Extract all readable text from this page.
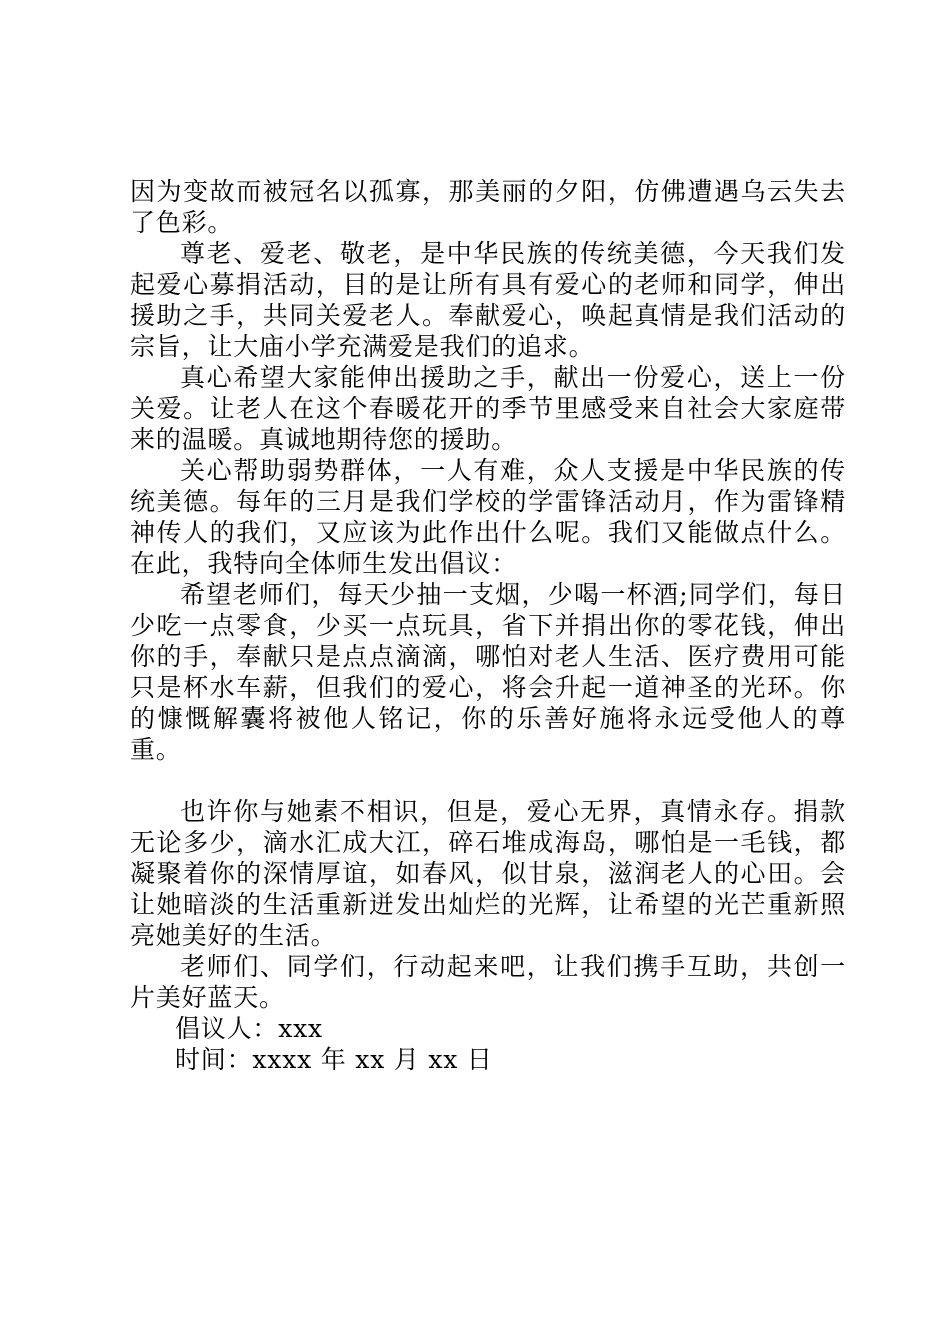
因为变故而被冠名以孤寡，那美丽的夕阳，仿佛遭遇乌云失去了色彩。

尊老、爱老、敬老，是中华民族的传统美德，今天我们发起爱心募捐活动，目的是让所有具有爱心的老师和同学，伸出援助之手，共同关爱老人。奉献爱心，唤起真情是我们活动的宗旨，让大庙小学充满爱是我们的追求。

真心希望大家能伸出援助之手，献出一份爱心，送上一份关爱。让老人在这个春暖花开的季节里感受来自社会大家庭带来的温暖。真诚地期待您的援助。

关心帮助弱势群体，一人有难，众人支援是中华民族的传统美德。每年的三月是我们学校的学雷锋活动月，作为雷锋精神传人的我们，又应该为此作出什么呢。我们又能做点什么。在此，我特向全体师生发出倡议：

希望老师们，每天少抽一支烟，少喝一杯酒;同学们，每日少吃一点零食，少买一点玩具，省下并捐出你的零花钱，伸出你的手，奉献只是点点滴滴，哪怕对老人生活、医疗费用可能只是杯水车薪，但我们的爱心，将会升起一道神圣的光环。你的慷慨解囊将被他人铭记，你的乐善好施将永远受他人的尊重。

也许你与她素不相识，但是，爱心无界，真情永存。捐款无论多少，滴水汇成大江，碎石堆成海岛，哪怕是一毛钱，都凝聚着你的深情厚谊，如春风，似甘泉，滋润老人的心田。会让她暗淡的生活重新迸发出灿烂的光辉，让希望的光芒重新照亮她美好的生活。

老师们、同学们，行动起来吧，让我们携手互助，共创一片美好蓝天。

倡议人：xxx

时间：xxxx 年 xx 月 xx 日
